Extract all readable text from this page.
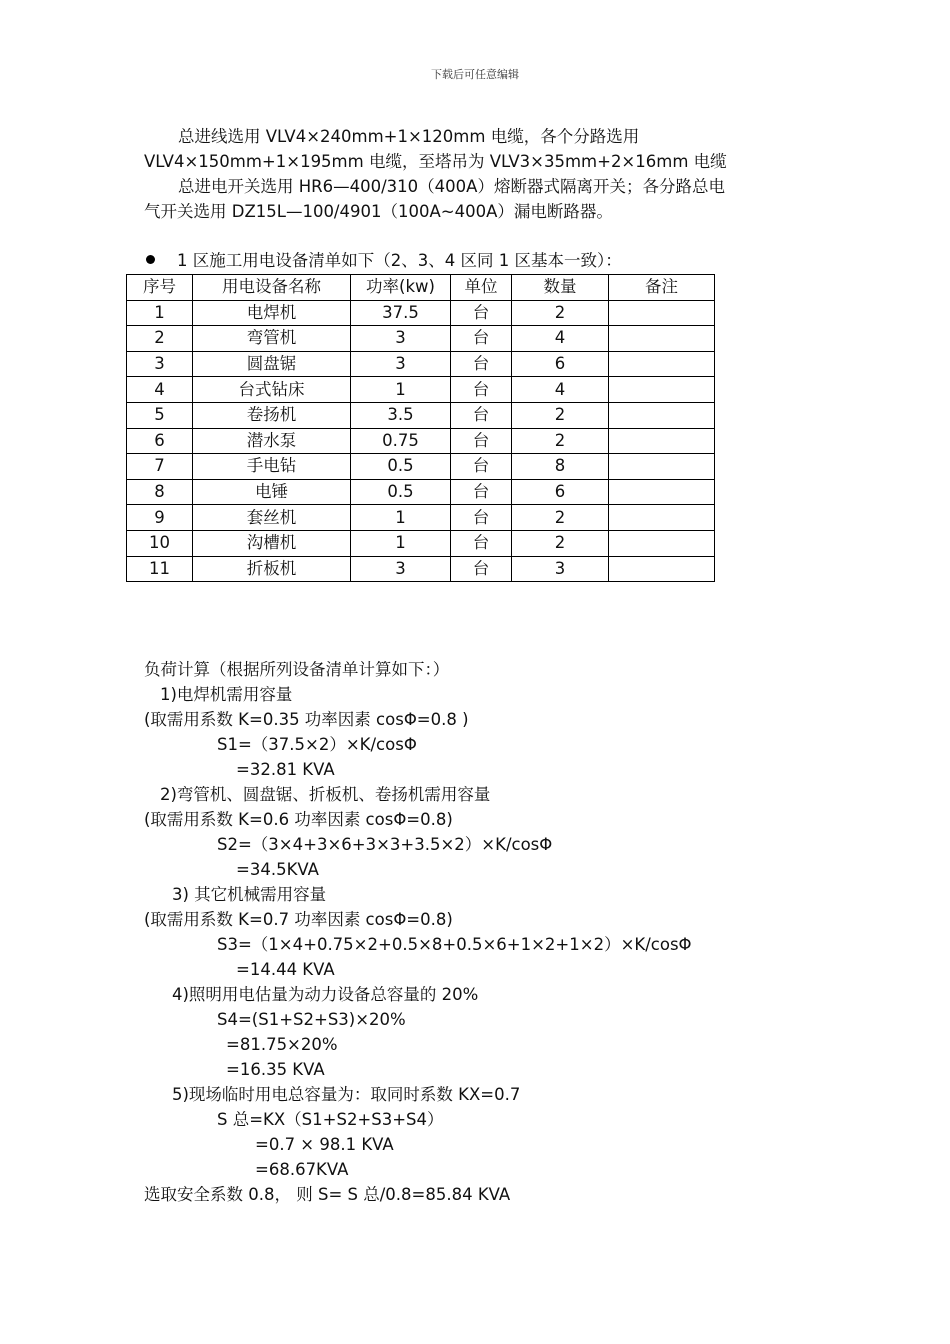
下载后可任意编辑
总进线选用 VLV4×240mm+1×120mm 电缆，各个分路选用
VLV4×150mm+1×195mm 电缆，至塔吊为 VLV3×35mm+2×16mm 电缆
总进电开关选用 HR6—400/310（400A）熔断器式隔离开关；各分路总电
气开关选用 DZ15L—100/4901（100A~400A）漏电断路器。
1 区施工用电设备清单如下（2、3、4 区同 1 区基本一致）：
序号	用电设备名称	功率(kw)	单位	数量	备注
1	电焊机	37.5	台	2	
2	弯管机	3	台	4	
3	圆盘锯	3	台	6	
4	台式钻床	1	台	4	
5	卷扬机	3.5	台	2	
6	潜水泵	0.75	台	2	
7	手电钻	0.5	台	8	
8	电锤	0.5	台	6	
9	套丝机	1	台	2	
10	沟槽机	1	台	2	
11	折板机	3	台	3	
负荷计算（根据所列设备清单计算如下：）
1)电焊机需用容量
(取需用系数 K=0.35 功率因素 cosΦ=0.8 )
S1=（37.5×2）×K/cosΦ
=32.81 KVA
2)弯管机、圆盘锯、折板机、卷扬机需用容量
(取需用系数 K=0.6 功率因素 cosΦ=0.8)
S2=（3×4+3×6+3×3+3.5×2）×K/cosΦ
=34.5KVA
3) 其它机械需用容量
(取需用系数 K=0.7 功率因素 cosΦ=0.8)
S3=（1×4+0.75×2+0.5×8+0.5×6+1×2+1×2）×K/cosΦ
=14.44 KVA
4)照明用电估量为动力设备总容量的 20%
S4=(S1+S2+S3)×20%
=81.75×20%
=16.35 KVA
5)现场临时用电总容量为：取同时系数 KX=0.7
S 总=KX（S1+S2+S3+S4）
=0.7 × 98.1 KVA
=68.67KVA
选取安全系数 0.8， 则 S= S 总/0.8=85.84 KVA
